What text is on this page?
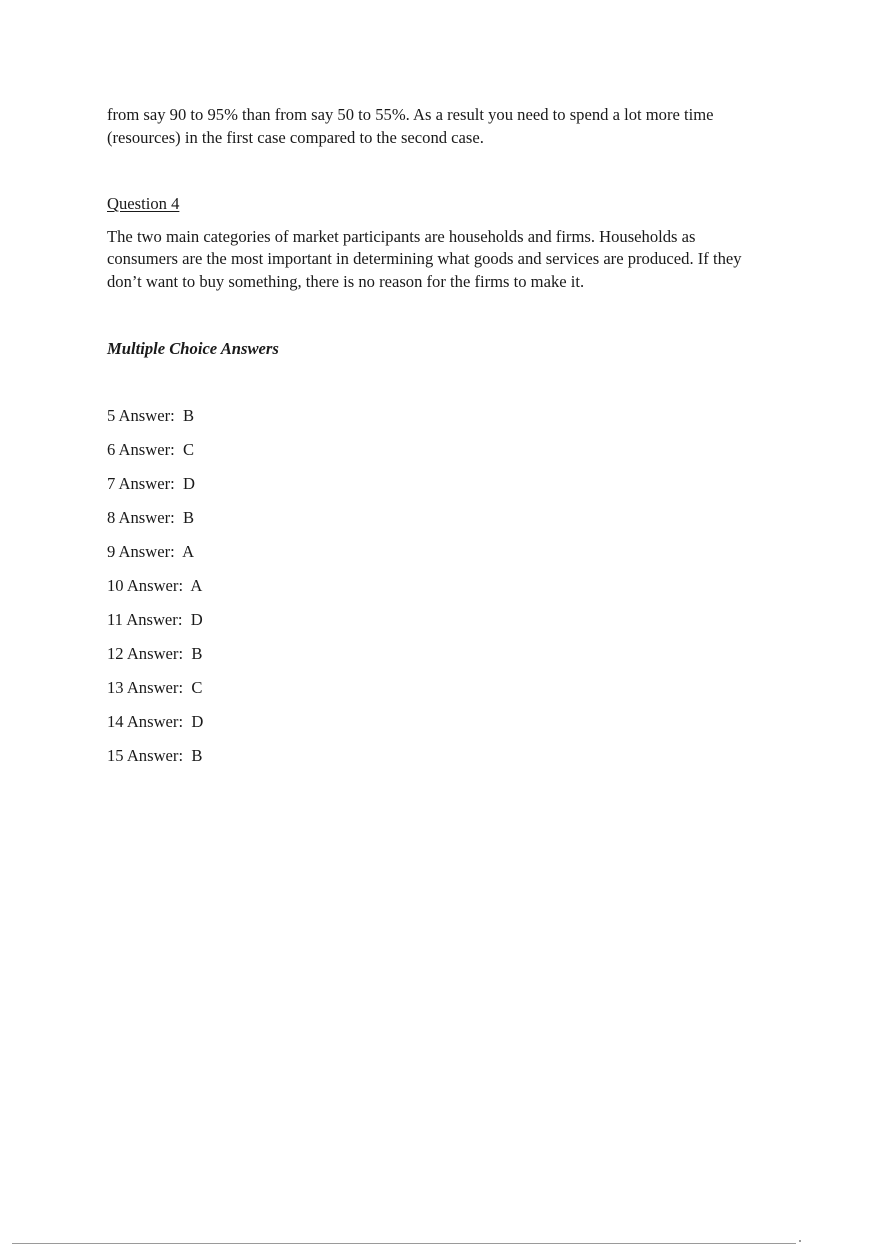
from say 90 to 95% than from say 50 to 55%. As a result you need to spend a lot more time (resources) in the first case compared to the second case.

Question 4

The two main categories of market participants are households and firms. Households as consumers are the most important in determining what goods and services are produced. If they don’t want to buy something, there is no reason for the firms to make it.

Multiple Choice Answers

5 Answer:  B
6 Answer:  C
7 Answer:  D
8 Answer:  B
9 Answer:  A
10 Answer:  A
11 Answer:  D
12 Answer:  B
13 Answer:  C
14 Answer:  D
15 Answer:  B
